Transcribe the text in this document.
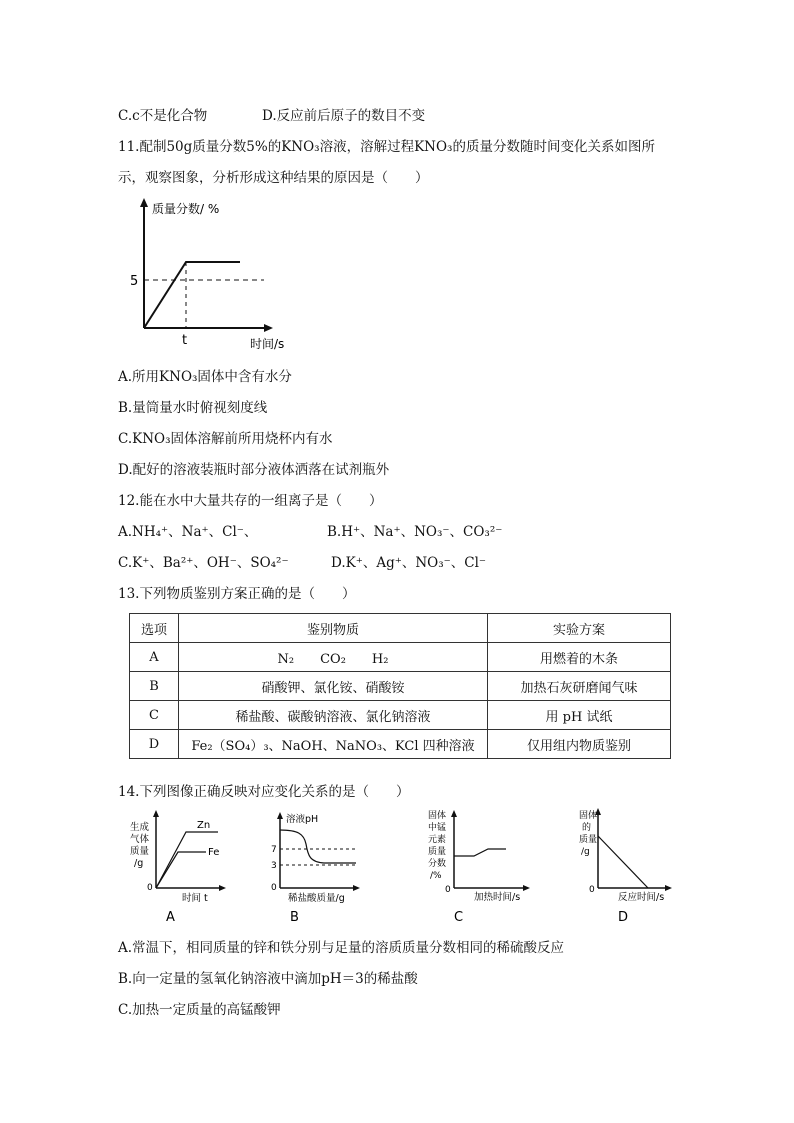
C.c不是化合物	D.反应前后原子的数目不变
11.配制50g质量分数5%的KNO₃溶液，溶解过程KNO₃的质量分数随时间变化关系如图所
示，观察图象，分析形成这种结果的原因是（　　）
质量分数/ %
5
t	时间/s
A.所用KNO₃固体中含有水分
B.量筒量水时俯视刻度线
C.KNO₃固体溶解前所用烧杯内有水
D.配好的溶液装瓶时部分液体洒落在试剂瓶外
12.能在水中大量共存的一组离子是（　　）
A.NH₄⁺、Na⁺、Cl⁻、	B.H⁺、Na⁺、NO₃⁻、CO₃²⁻
C.K⁺、Ba²⁺、OH⁻、SO₄²⁻	D.K⁺、Ag⁺、NO₃⁻、Cl⁻
13.下列物质鉴别方案正确的是（　　）
选项	鉴别物质	实验方案
A	N₂　　CO₂　　H₂	用燃着的木条
B	硝酸钾、氯化铵、硝酸铵	加热石灰研磨闻气味
C	稀盐酸、碳酸钠溶液、氯化钠溶液	用 pH 试纸
D	Fe₂（SO₄）₃、NaOH、NaNO₃、KCl 四种溶液	仅用组内物质鉴别
14.下列图像正确反映对应变化关系的是（　　）
Zn
Fe
生成
气体
质量
/g
0
时间 t
A
溶液pH
7
3
0
稀盐酸质量/g
B
固体
中锰
元素
质量
分数
/%
0
加热时间/s
C
固体
的
质量
/g
0
反应时间/s
D
A.常温下，相同质量的锌和铁分别与足量的溶质质量分数相同的稀硫酸反应
B.向一定量的氢氧化钠溶液中滴加pH＝3的稀盐酸
C.加热一定质量的高锰酸钾
